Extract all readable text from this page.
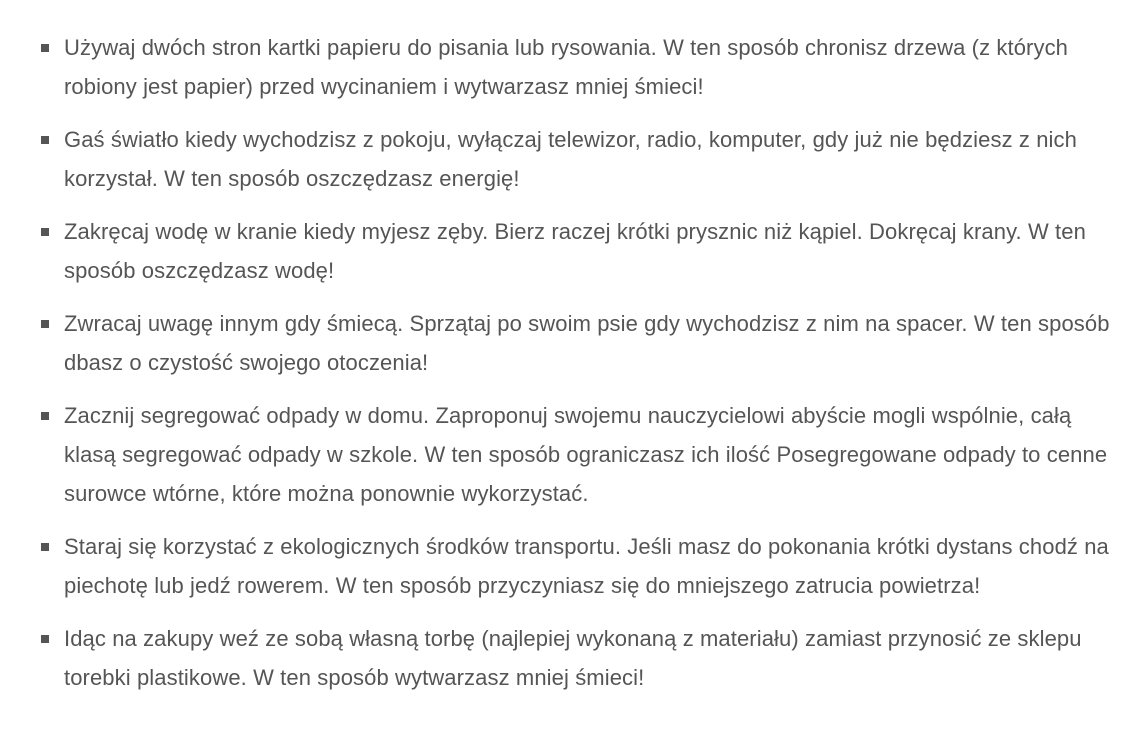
Używaj dwóch stron kartki papieru do pisania lub rysowania. W ten sposób chronisz drzewa (z których robiony jest papier) przed wycinaniem i wytwarzasz mniej śmieci!
Gaś światło kiedy wychodzisz z pokoju, wyłączaj telewizor, radio, komputer, gdy już nie będziesz z nich korzystał. W ten sposób oszczędzasz energię!
Zakręcaj wodę w kranie kiedy myjesz zęby. Bierz raczej krótki prysznic niż kąpiel. Dokręcaj krany. W ten sposób oszczędzasz wodę!
Zwracaj uwagę innym gdy śmiecą. Sprzątaj po swoim psie gdy wychodzisz z nim na spacer. W ten sposób dbasz o czystość swojego otoczenia!
Zacznij segregować odpady w domu. Zaproponuj swojemu nauczycielowi abyście mogli wspólnie, całą klasą segregować odpady w szkole. W ten sposób ograniczasz ich ilość Posegregowane odpady to cenne surowce wtórne, które można ponownie wykorzystać.
Staraj się korzystać z ekologicznych środków transportu. Jeśli masz do pokonania krótki dystans chodź na piechotę lub jedź rowerem. W ten sposób przyczyniasz się do mniejszego zatrucia powietrza!
Idąc na zakupy weź ze sobą własną torbę (najlepiej wykonaną z materiału) zamiast przynosić ze sklepu torebki plastikowe. W ten sposób wytwarzasz mniej śmieci!
